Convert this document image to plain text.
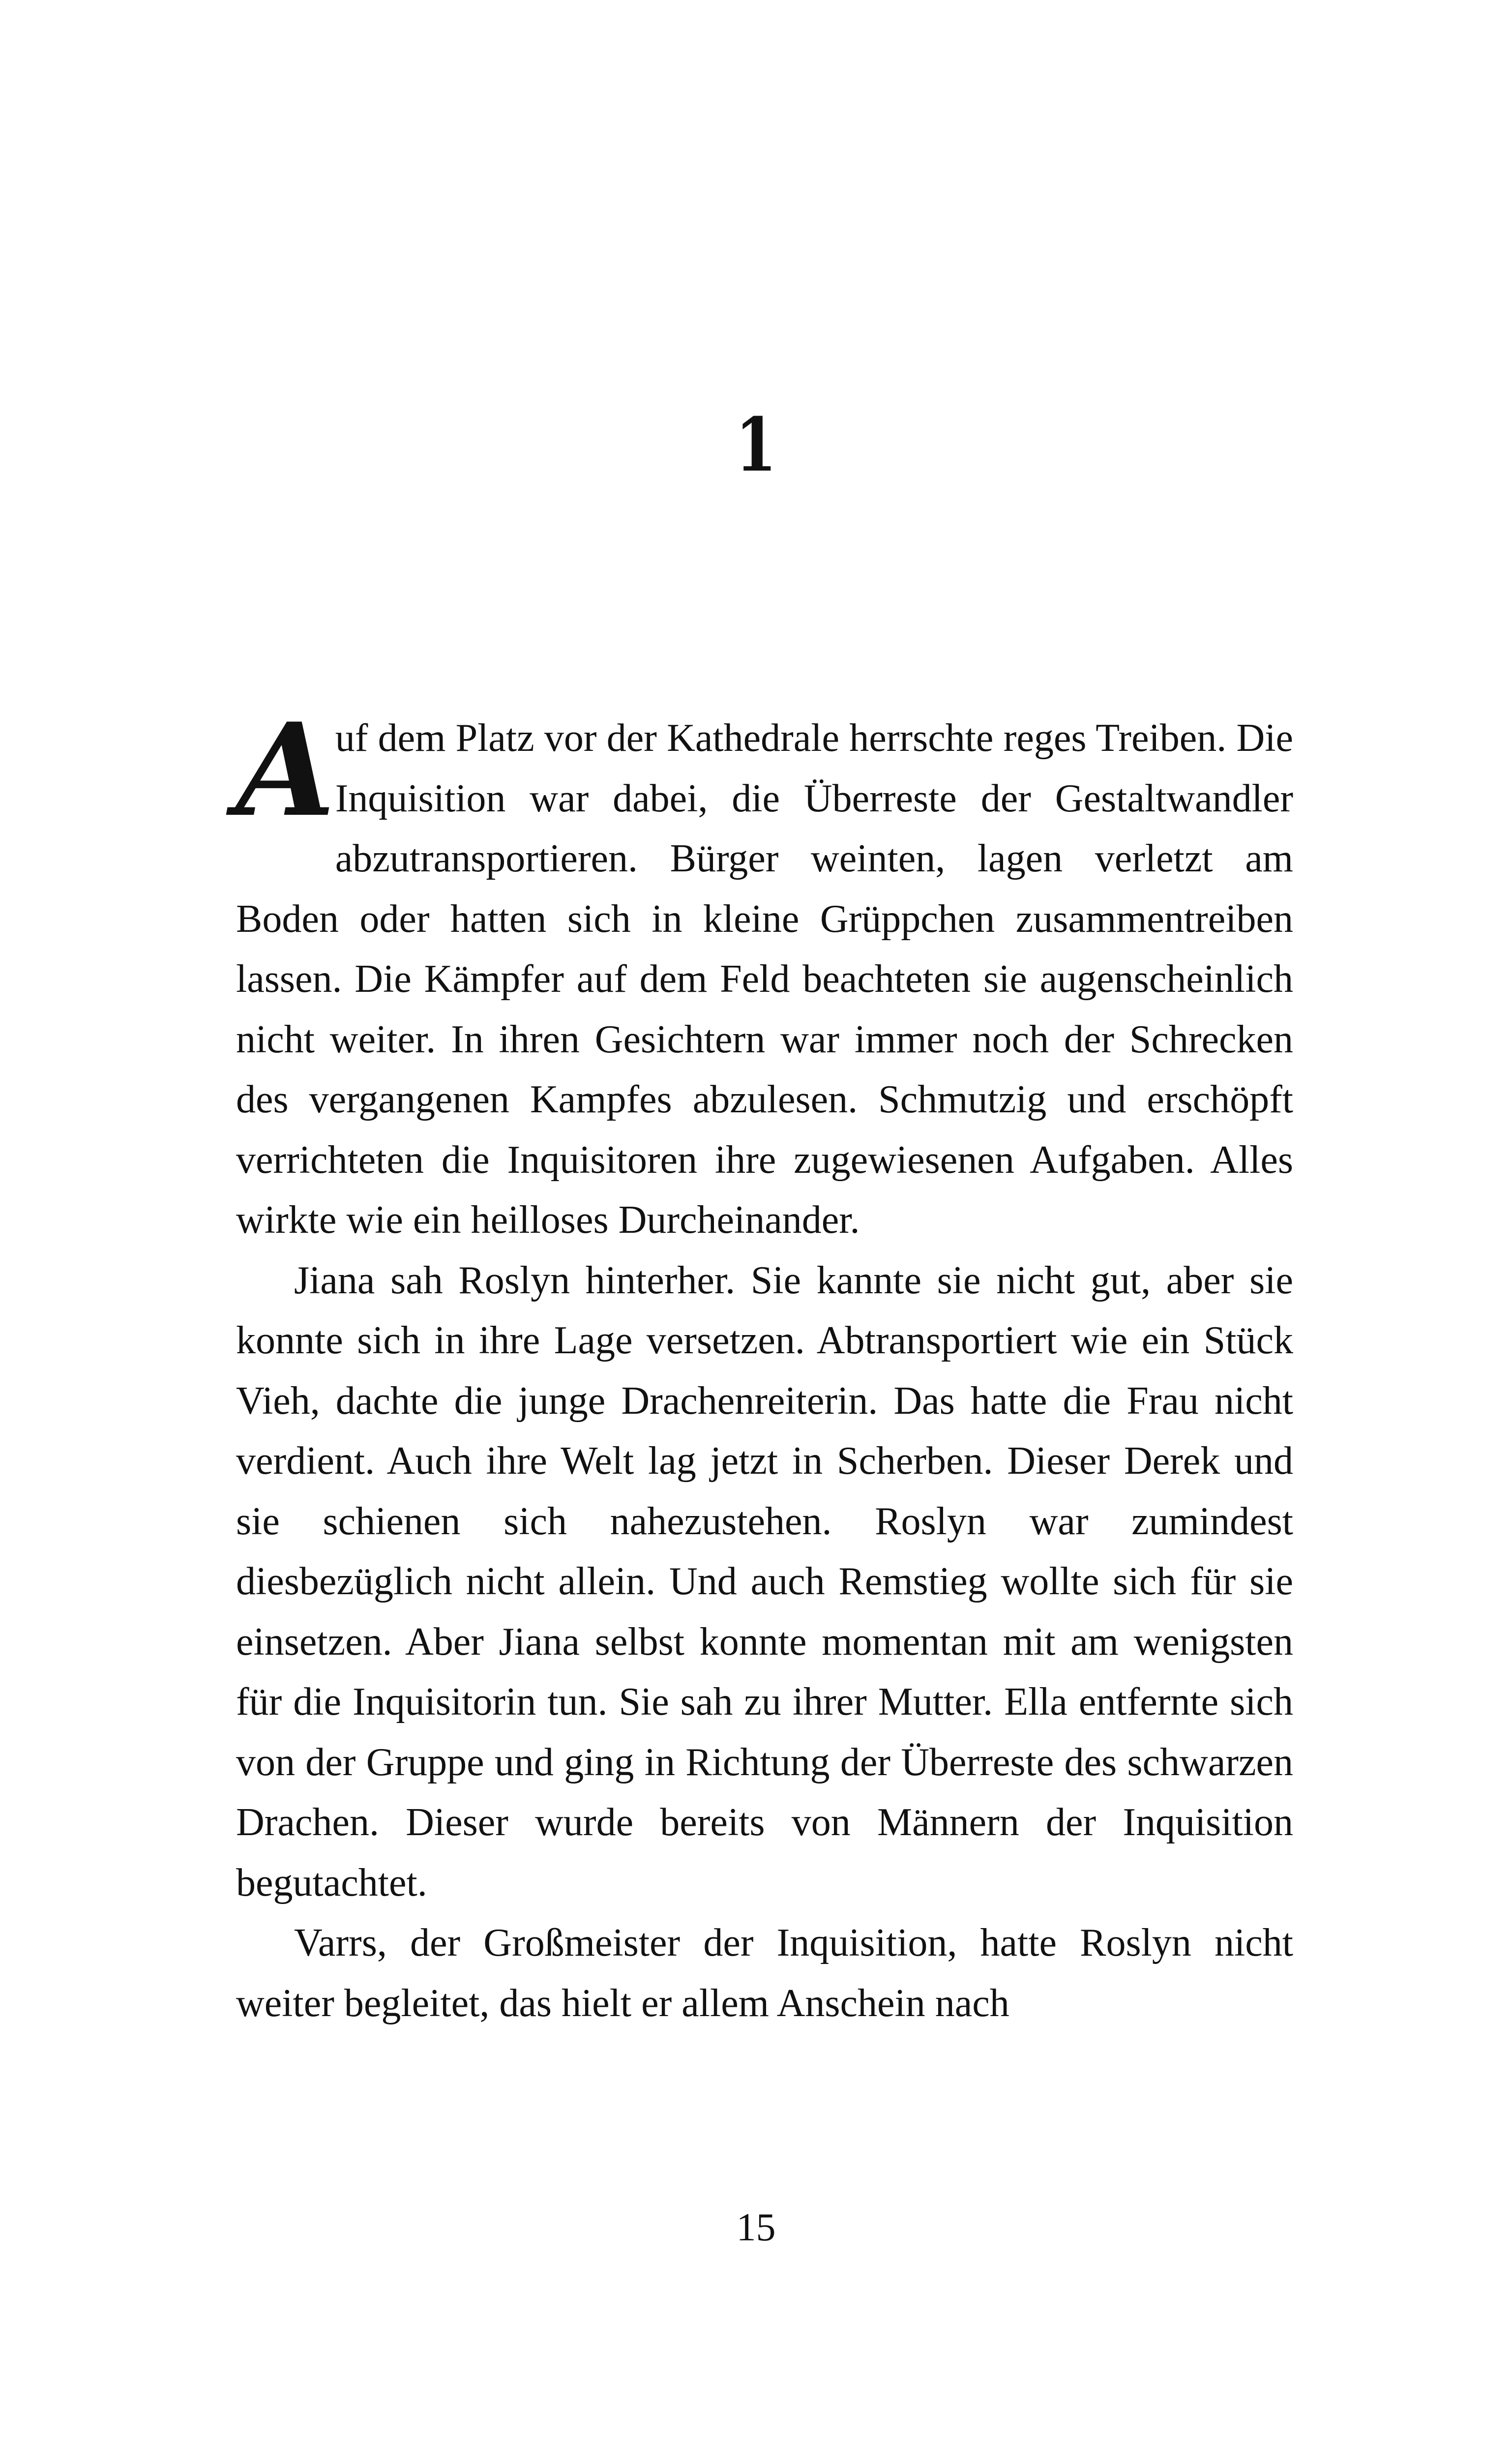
1

Auf dem Platz vor der Kathedrale herrschte reges Treiben. Die Inquisition war dabei, die Überreste der Gestaltwandler abzutransportieren. Bürger weinten, lagen verletzt am Boden oder hatten sich in kleine Grüppchen zusammentreiben lassen. Die Kämpfer auf dem Feld beachteten sie augenscheinlich nicht weiter. In ihren Gesichtern war immer noch der Schrecken des vergangenen Kampfes abzulesen. Schmutzig und erschöpft verrichteten die Inquisitoren ihre zugewiesenen Aufgaben. Alles wirkte wie ein heilloses Durcheinander.

Jiana sah Roslyn hinterher. Sie kannte sie nicht gut, aber sie konnte sich in ihre Lage versetzen. Abtransportiert wie ein Stück Vieh, dachte die junge Drachenreiterin. Das hatte die Frau nicht verdient. Auch ihre Welt lag jetzt in Scherben. Dieser Derek und sie schienen sich nahezustehen. Roslyn war zumindest diesbezüglich nicht allein. Und auch Remstieg wollte sich für sie einsetzen. Aber Jiana selbst konnte momentan mit am wenigsten für die Inquisitorin tun. Sie sah zu ihrer Mutter. Ella entfernte sich von der Gruppe und ging in Richtung der Überreste des schwarzen Drachen. Dieser wurde bereits von Männern der Inquisition begutachtet.

Varrs, der Großmeister der Inquisition, hatte Roslyn nicht weiter begleitet, das hielt er allem Anschein nach

15
